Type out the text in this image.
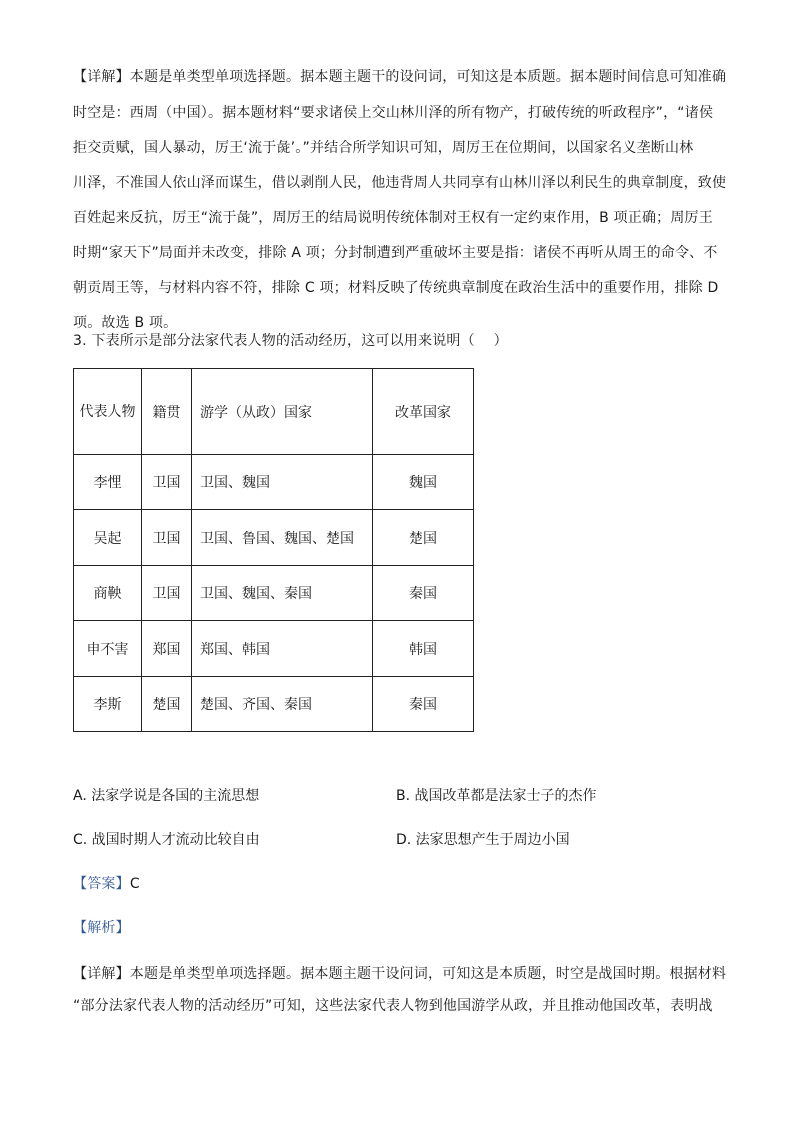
【详解】本题是单类型单项选择题。据本题主题干的设问词，可知这是本质题。据本题时间信息可知准确
时空是：西周（中国）。据本题材料“要求诸侯上交山林川泽的所有物产，打破传统的听政程序”，“诸侯
拒交贡赋，国人暴动，厉王‘流于彘’。”并结合所学知识可知，周厉王在位期间，以国家名义垄断山林
川泽，不准国人依山泽而谋生，借以剥削人民，他违背周人共同享有山林川泽以利民生的典章制度，致使
百姓起来反抗，厉王“流于彘”，周厉王的结局说明传统体制对王权有一定约束作用，B 项正确；周厉王
时期“家天下”局面并未改变，排除 A 项；分封制遭到严重破坏主要是指：诸侯不再听从周王的命令、不
朝贡周王等，与材料内容不符，排除 C 项；材料反映了传统典章制度在政治生活中的重要作用，排除 D
项。故选 B 项。
3. 下表所示是部分法家代表人物的活动经历，这可以用来说明（　 ）
代表人物	籍贯	游学（从政）国家	改革国家
李悝	卫国	卫国、魏国	魏国
吴起	卫国	卫国、鲁国、魏国、楚国	楚国
商鞅	卫国	卫国、魏国、秦国	秦国
申不害	郑国	郑国、韩国	韩国
李斯	楚国	楚国、齐国、秦国	秦国
A. 法家学说是各国的主流思想	B. 战国改革都是法家士子的杰作
C. 战国时期人才流动比较自由	D. 法家思想产生于周边小国
【答案】C
【解析】
【详解】本题是单类型单项选择题。据本题主题干设问词，可知这是本质题，时空是战国时期。根据材料
“部分法家代表人物的活动经历”可知，这些法家代表人物到他国游学从政，并且推动他国改革，表明战
